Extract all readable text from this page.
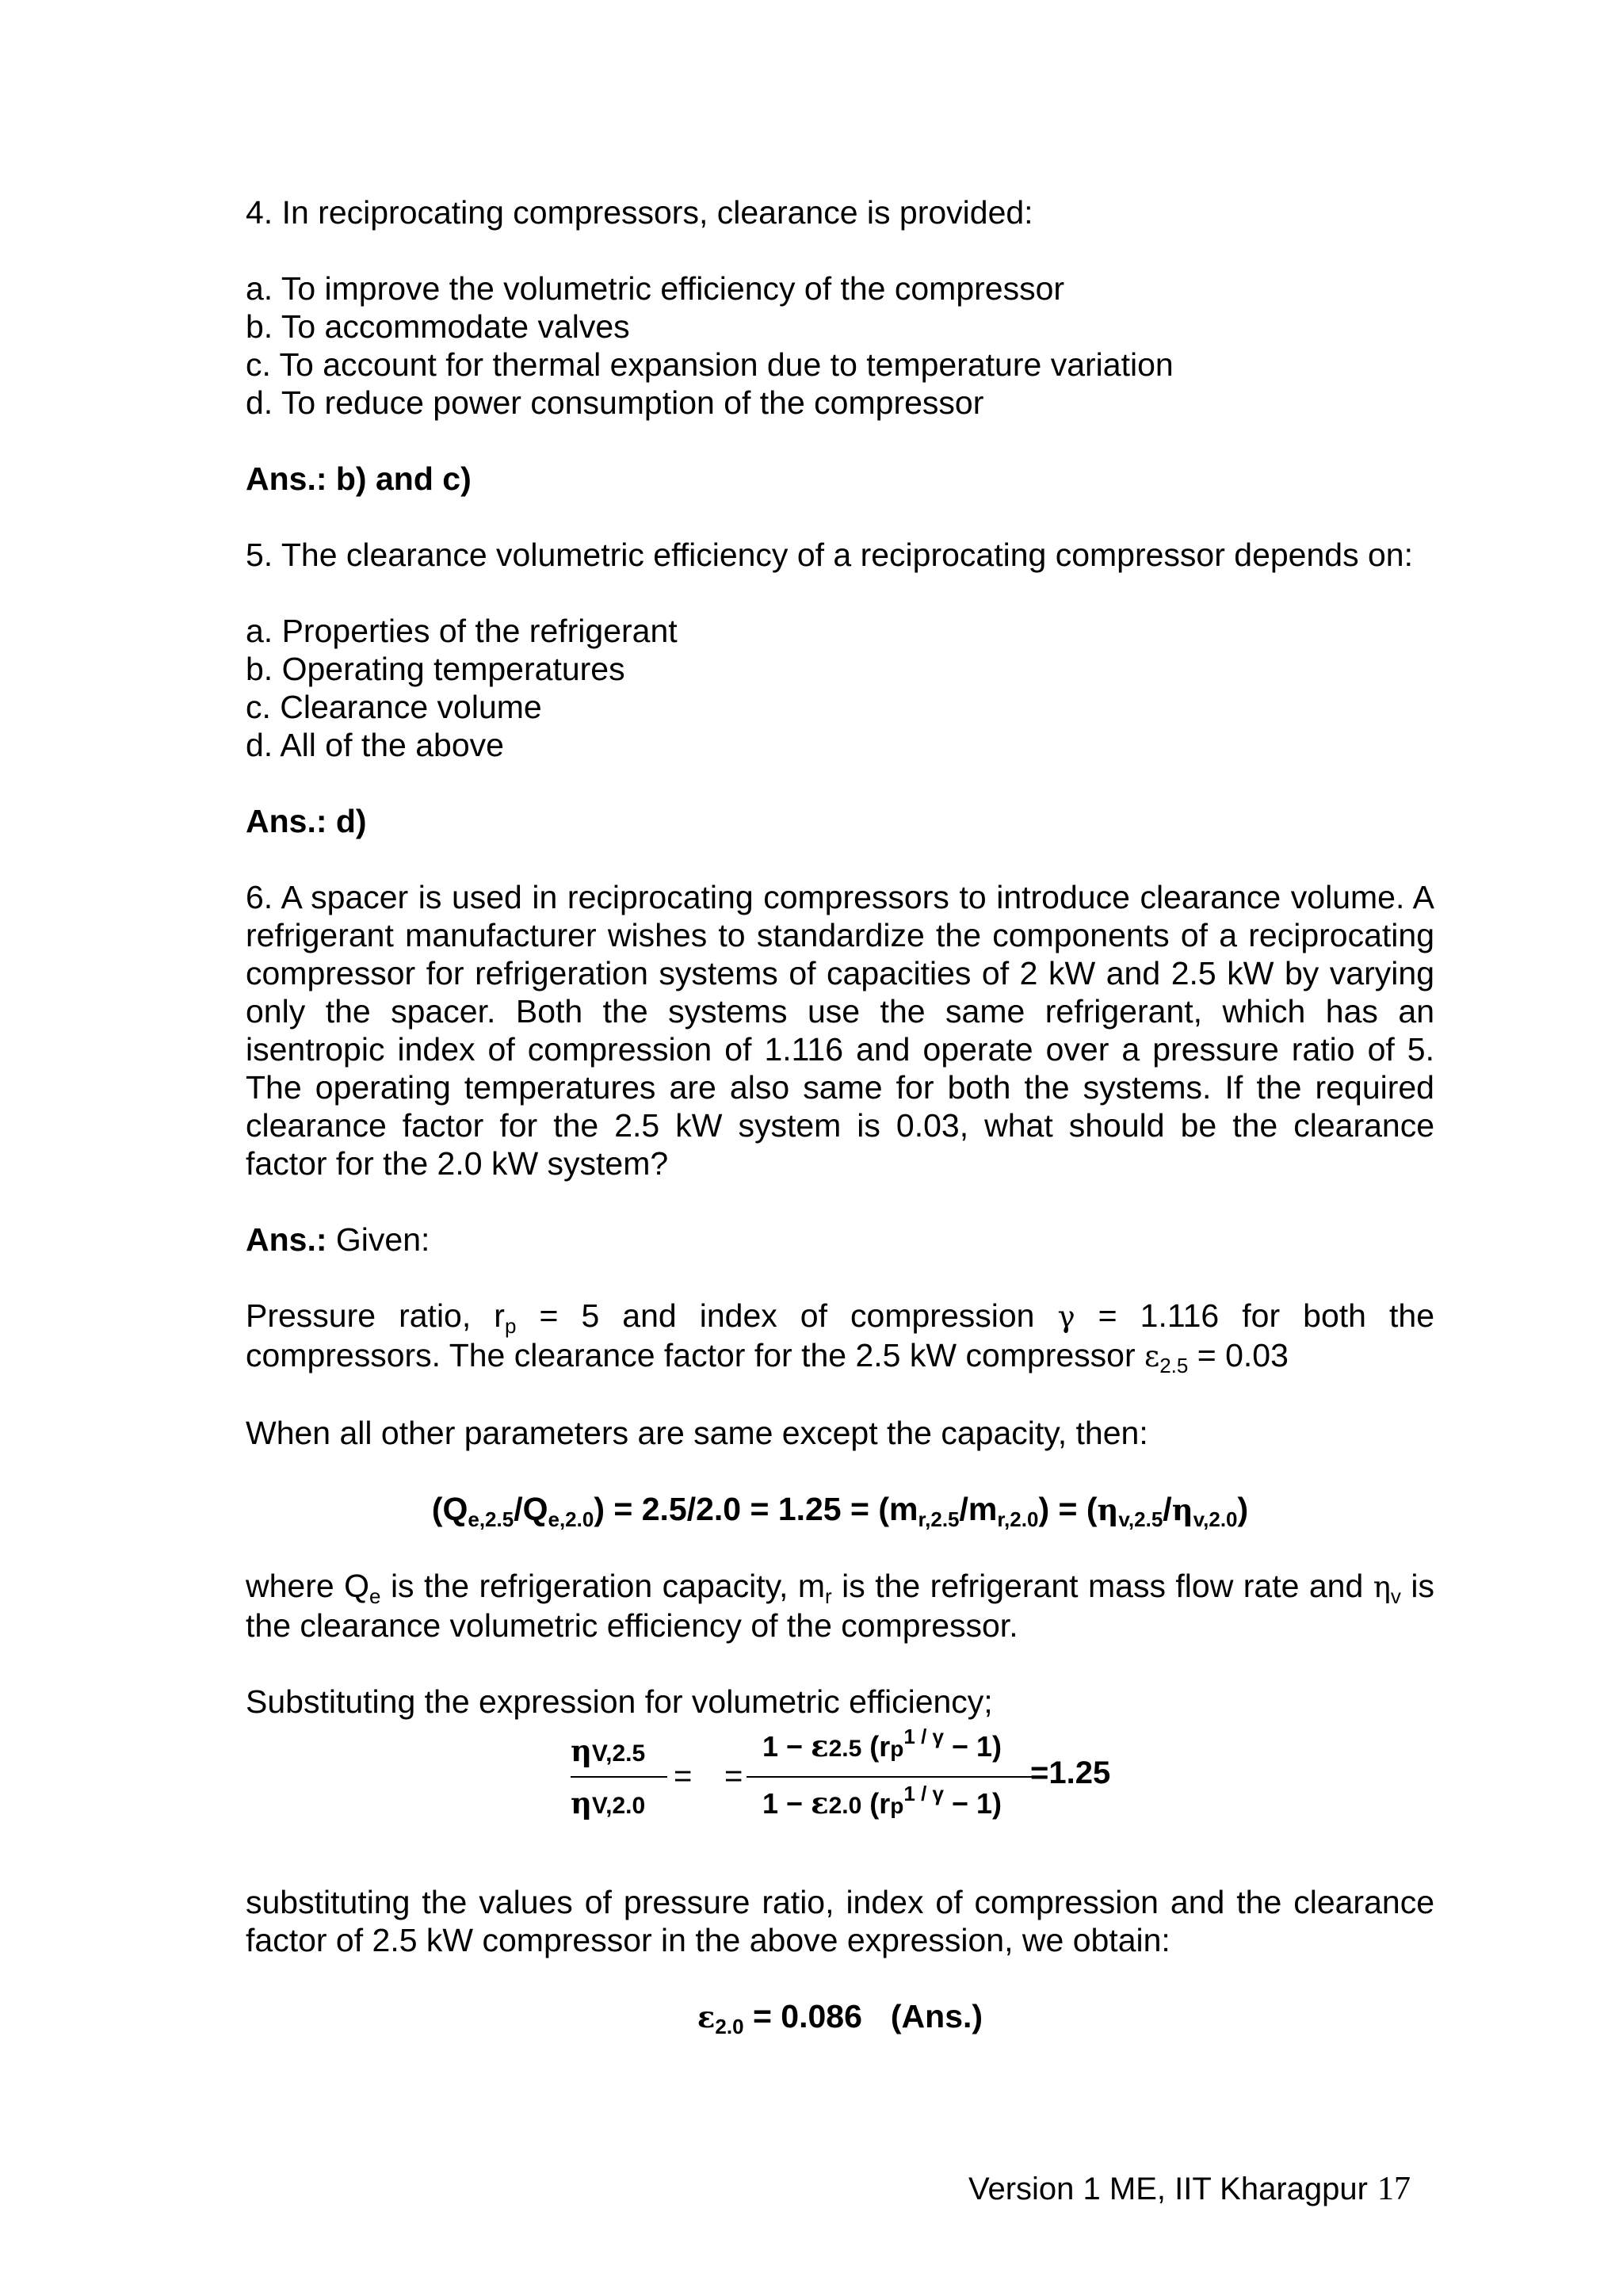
4. In reciprocating compressors, clearance is provided:

a. To improve the volumetric efficiency of the compressor

b. To accommodate valves

c. To account for thermal expansion due to temperature variation

d. To reduce power consumption of the compressor

Ans.: b) and c)

5. The clearance volumetric efficiency of a reciprocating compressor depends on:

a. Properties of the refrigerant

b. Operating temperatures

c. Clearance volume

d. All of the above

Ans.: d)

6. A spacer is used in reciprocating compressors to introduce clearance volume. A refrigerant manufacturer wishes to standardize the components of a reciprocating compressor for refrigeration systems of capacities of 2 kW and 2.5 kW by varying only the spacer. Both the systems use the same refrigerant, which has an isentropic index of compression of 1.116 and operate over a pressure ratio of 5. The operating temperatures are also same for both the systems. If the required clearance factor for the 2.5 kW system is 0.03, what should be the clearance factor for the 2.0 kW system?

Ans.: Given:

Pressure ratio, $r_p = 5$ and index of compression γ = 1.116 for both the compressors. The clearance factor for the 2.5 kW compressor $\varepsilon_{2.5} = 0.03$

When all other parameters are same except the capacity, then:

$(Q_{e,2.5}/Q_{e,2.0}) = 2.5/2.0 = 1.25 = (m_{r,2.5}/m_{r,2.0}) = (\eta_{v,2.5}/\eta_{v,2.0})$

where $Q_e$ is the refrigeration capacity, $m_r$ is the refrigerant mass flow rate and $\eta_v$ is the clearance volumetric efficiency of the compressor.

Substituting the expression for volumetric efficiency;

ηV,2.5
ηV,2.0
= =
1 − ε2.5 $(rp^{1 / \gamma} - 1)$
1 − ε2.0 $(rp^{1 / \gamma} - 1)$
=1.25

substituting the values of pressure ratio, index of compression and the clearance factor of 2.5 kW compressor in the above expression, we obtain:

$\varepsilon_{2.0} = 0.086$ (Ans.)

Version 1 ME, IIT Kharagpur 17
